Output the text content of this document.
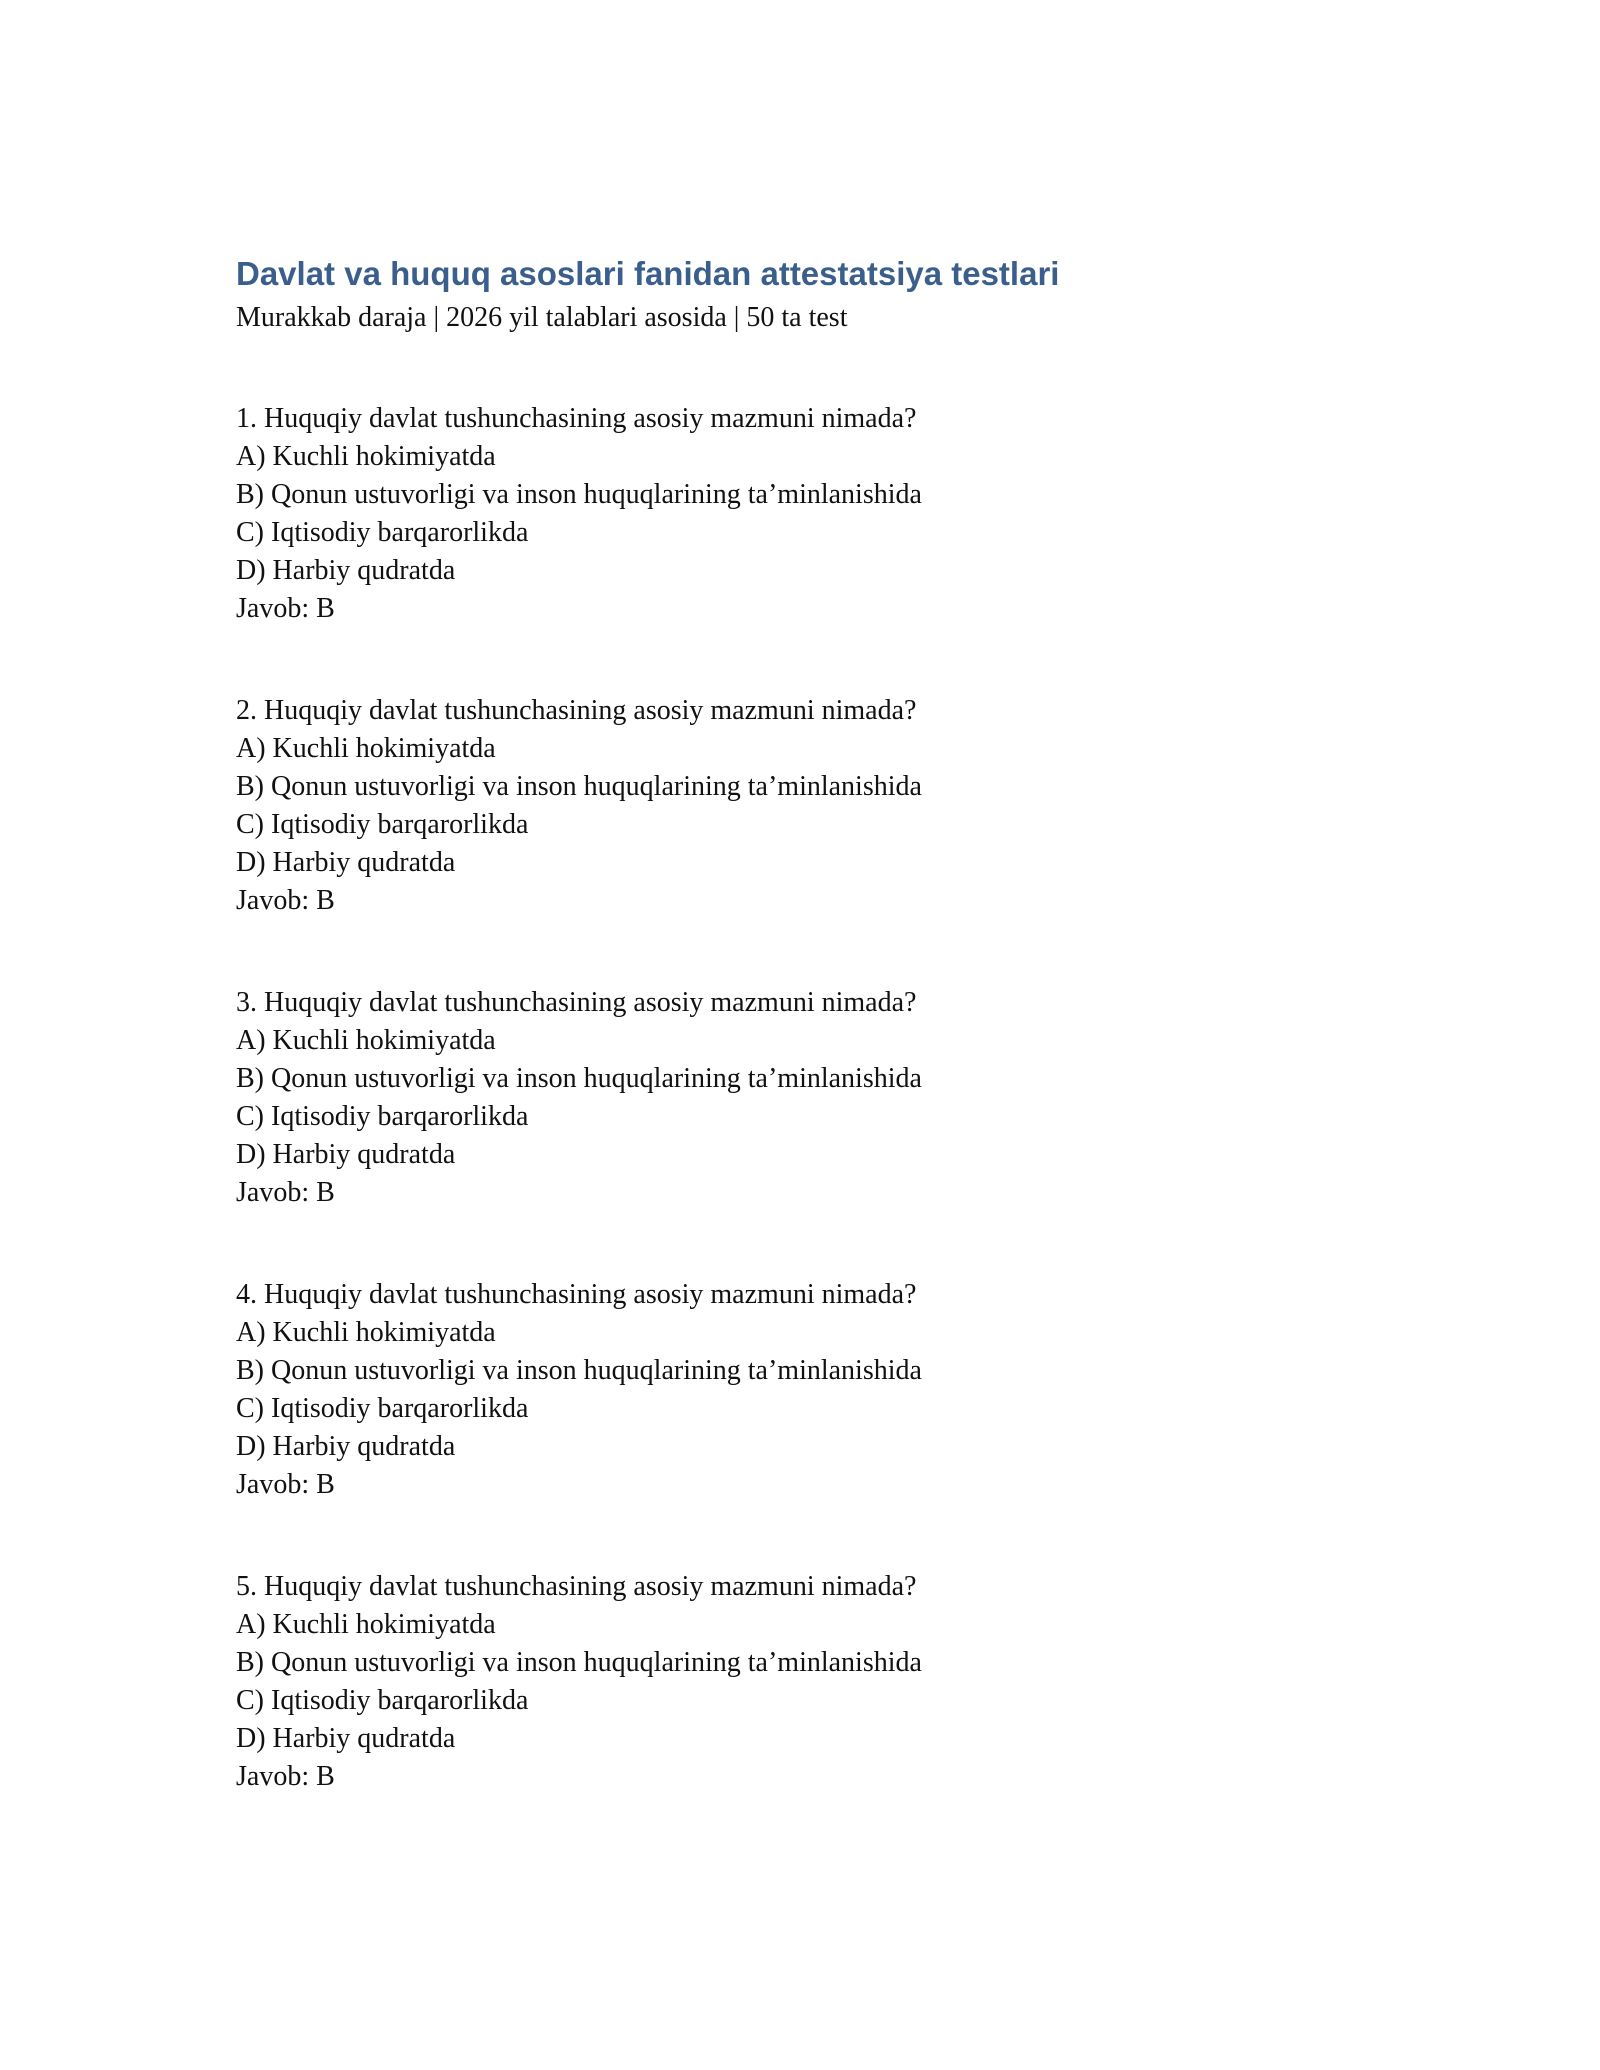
Davlat va huquq asoslari fanidan attestatsiya testlari

Murakkab daraja | 2026 yil talablari asosida | 50 ta test

1. Huquqiy davlat tushunchasining asosiy mazmuni nimada?

A) Kuchli hokimiyatda

B) Qonun ustuvorligi va inson huquqlarining ta’minlanishida

C) Iqtisodiy barqarorlikda

D) Harbiy qudratda

Javob: B

2. Huquqiy davlat tushunchasining asosiy mazmuni nimada?

A) Kuchli hokimiyatda

B) Qonun ustuvorligi va inson huquqlarining ta’minlanishida

C) Iqtisodiy barqarorlikda

D) Harbiy qudratda

Javob: B

3. Huquqiy davlat tushunchasining asosiy mazmuni nimada?

A) Kuchli hokimiyatda

B) Qonun ustuvorligi va inson huquqlarining ta’minlanishida

C) Iqtisodiy barqarorlikda

D) Harbiy qudratda

Javob: B

4. Huquqiy davlat tushunchasining asosiy mazmuni nimada?

A) Kuchli hokimiyatda

B) Qonun ustuvorligi va inson huquqlarining ta’minlanishida

C) Iqtisodiy barqarorlikda

D) Harbiy qudratda

Javob: B

5. Huquqiy davlat tushunchasining asosiy mazmuni nimada?

A) Kuchli hokimiyatda

B) Qonun ustuvorligi va inson huquqlarining ta’minlanishida

C) Iqtisodiy barqarorlikda

D) Harbiy qudratda

Javob: B
